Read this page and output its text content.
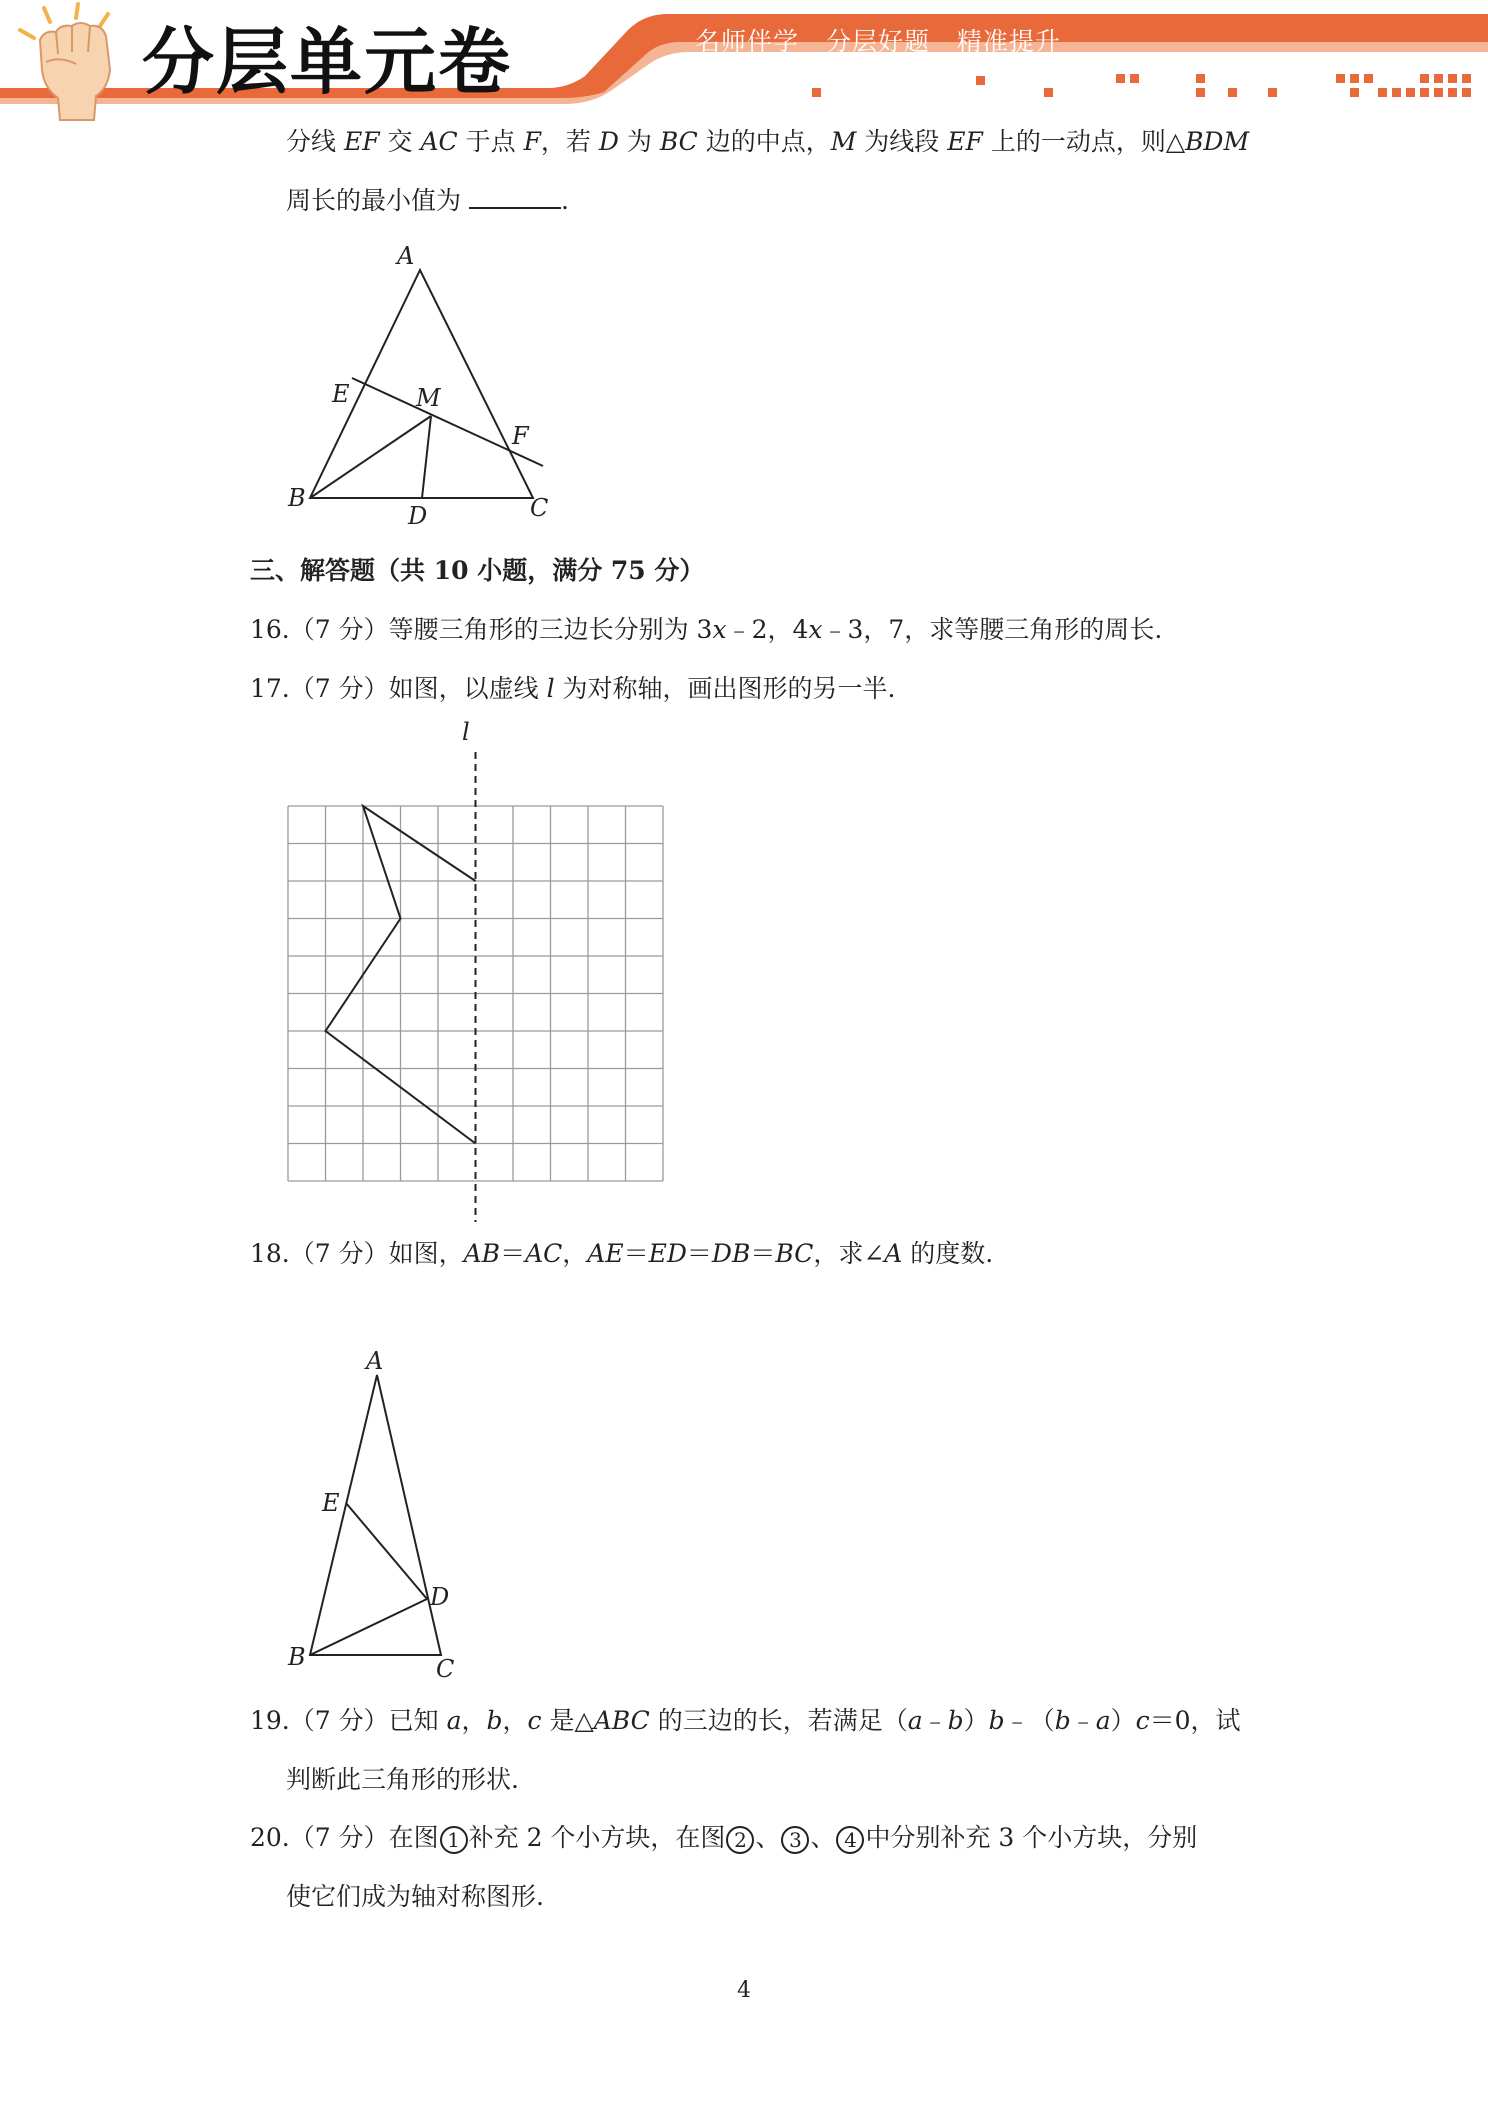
分层单元卷	名师伴学 分层好题 精准提升
分线 EF 交 AC 于点 F，若 D 为 BC 边的中点，M 为线段 EF 上的一动点，则△BDM
周长的最小值为	.
A
E	M
F
B
D	C
三、解答题（共 10 小题，满分 75 分）
16.（7 分）等腰三角形的三边长分别为 3x﹣2，4x﹣3，7，求等腰三角形的周长.
17.（7 分）如图，以虚线 l 为对称轴，画出图形的另一半.
l
18.（7 分）如图，AB＝AC，AE＝ED＝DB＝BC，求∠A 的度数.
A
E
D
B	C
19.（7 分）已知 a，b，c 是△ABC 的三边的长，若满足（a﹣b）b﹣（b﹣a）c＝0，试
判断此三角形的形状.
20.（7 分）在图 1 补充 2 个小方块，在图 2 、 3 、 4 中分别补充 3 个小方块，分别
使它们成为轴对称图形.
4
